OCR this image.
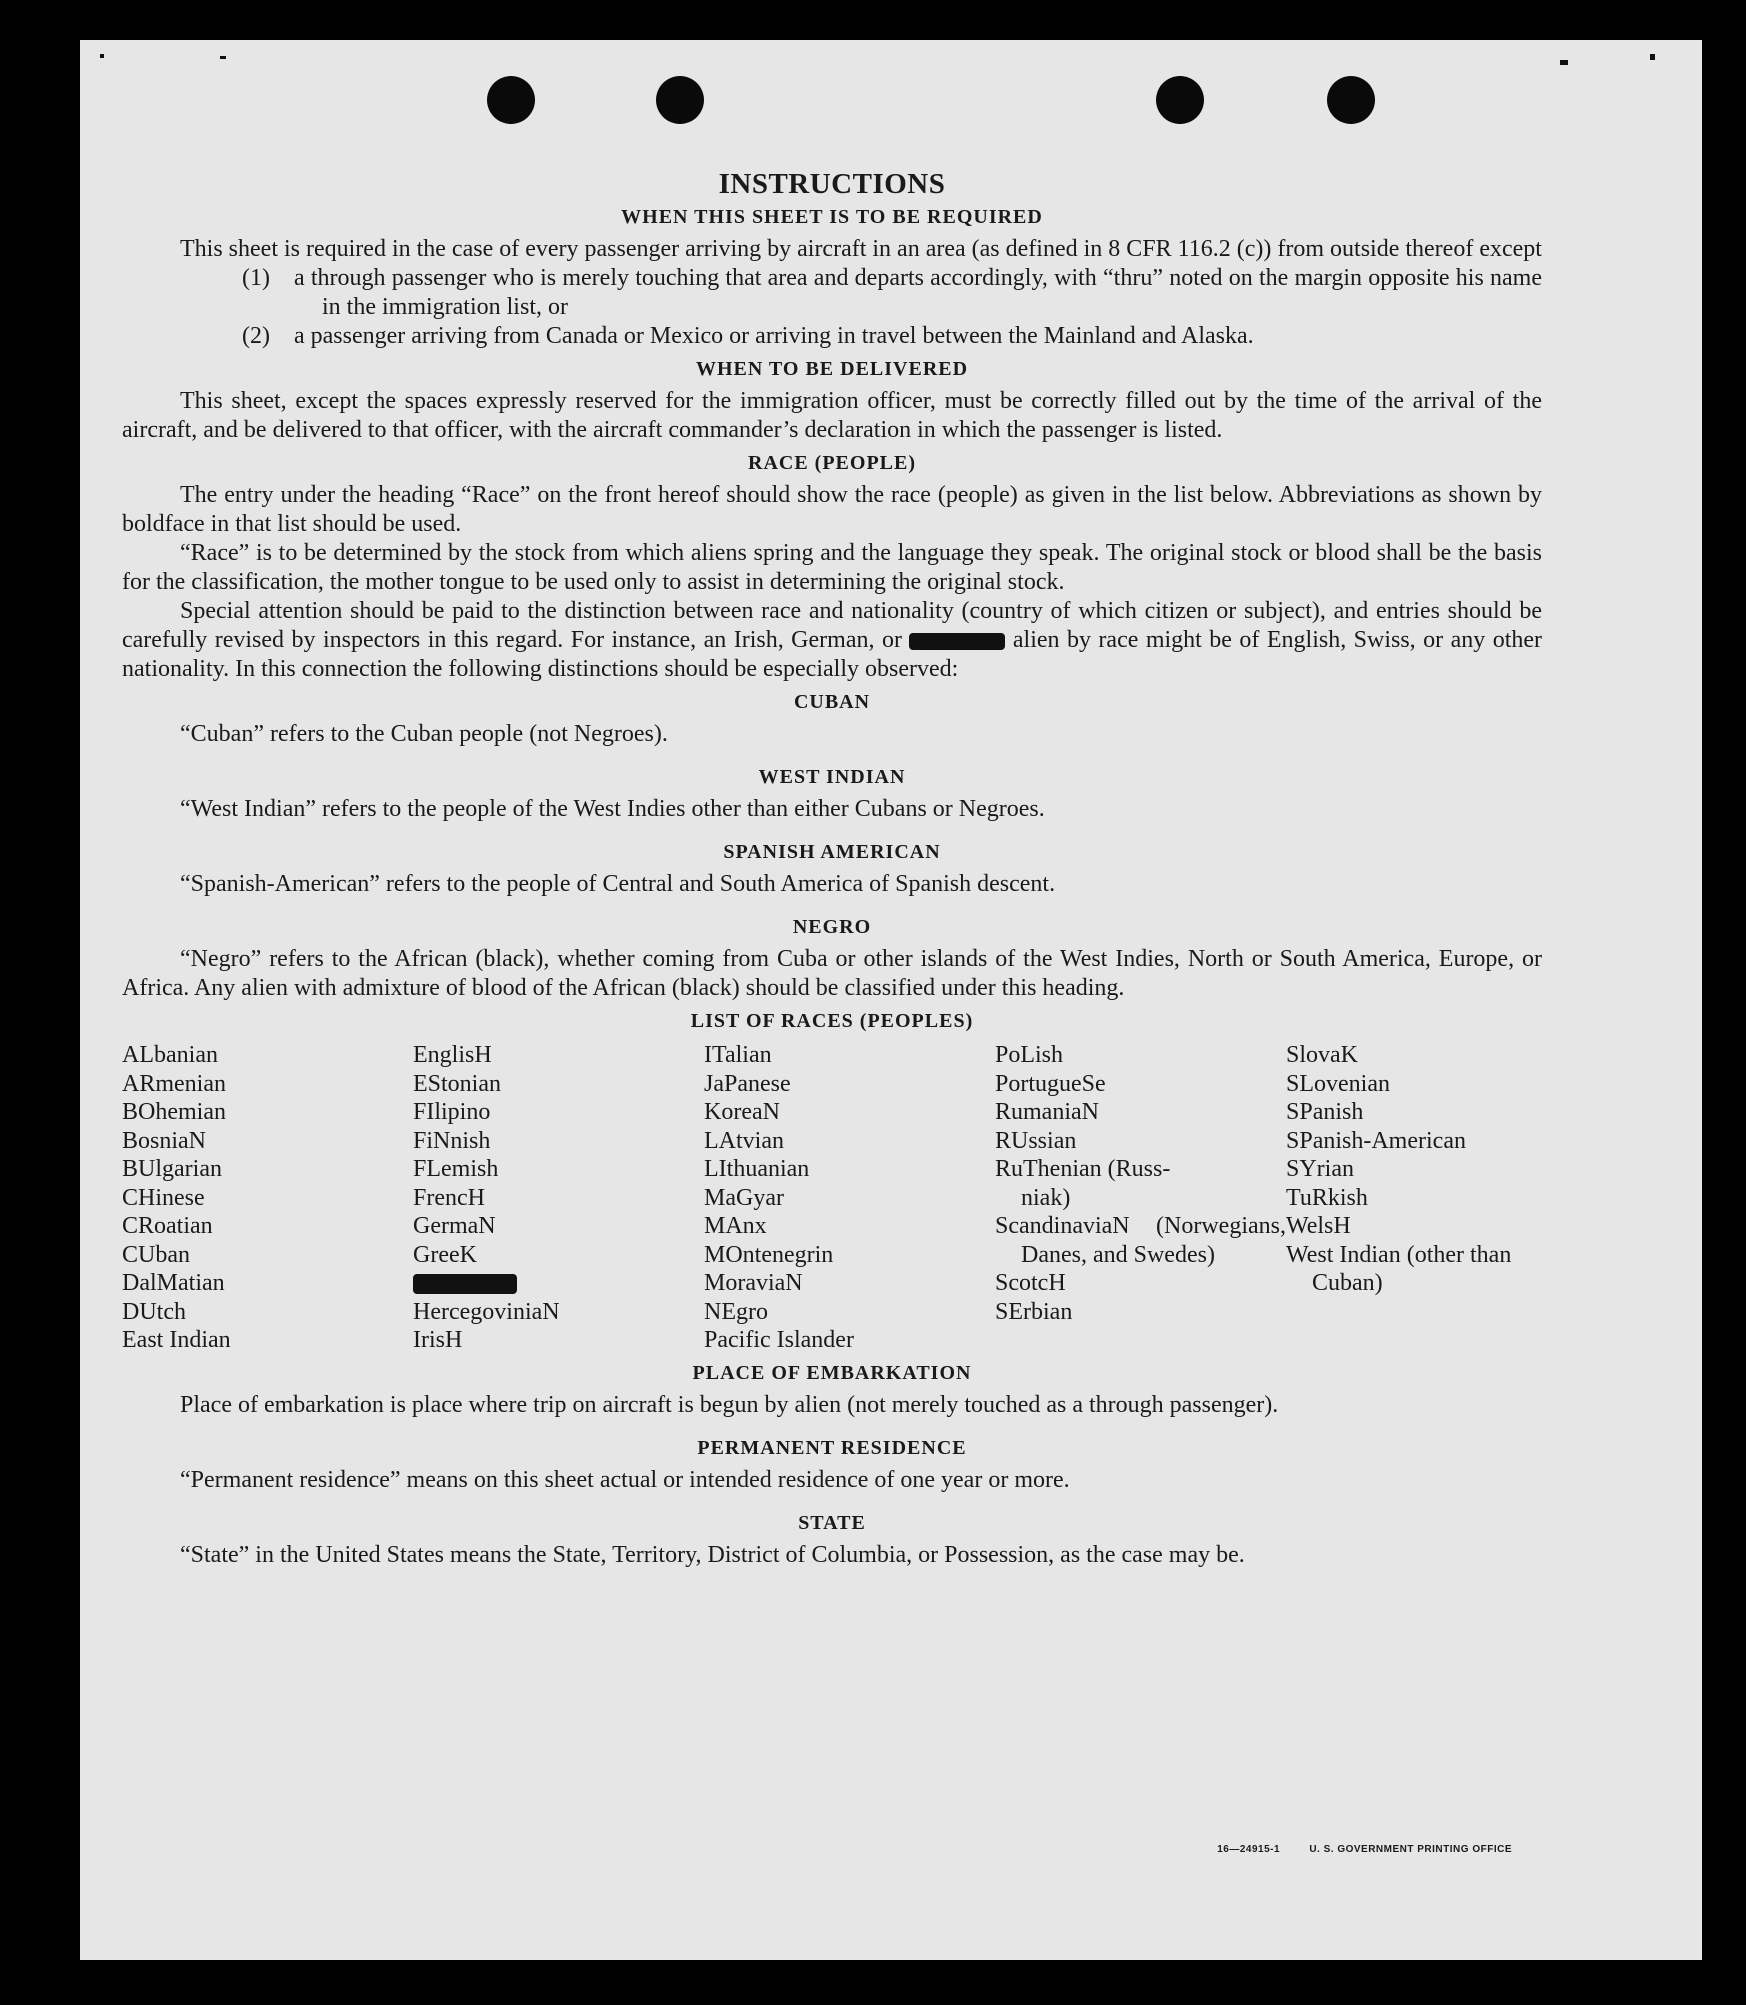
INSTRUCTIONS
WHEN THIS SHEET IS TO BE REQUIRED

This sheet is required in the case of every passenger arriving by aircraft in an area (as defined in 8 CFR 116.2 (c)) from outside thereof except

(1) a through passenger who is merely touching that area and departs accordingly, with “thru” noted on the margin opposite his name in the immigration list, or

(2) a passenger arriving from Canada or Mexico or arriving in travel between the Mainland and Alaska.

WHEN TO BE DELIVERED

This sheet, except the spaces expressly reserved for the immigration officer, must be correctly filled out by the time of the arrival of the aircraft, and be delivered to that officer, with the aircraft commander’s declaration in which the passenger is listed.

RACE (PEOPLE)

The entry under the heading “Race” on the front hereof should show the race (people) as given in the list below. Abbreviations as shown by boldface in that list should be used.

“Race” is to be determined by the stock from which aliens spring and the language they speak. The original stock or blood shall be the basis for the classification, the mother tongue to be used only to assist in determining the original stock.

Special attention should be paid to the distinction between race and nationality (country of which citizen or subject), and entries should be carefully revised by inspectors in this regard. For instance, an Irish, German, or	alien by race might be of English, Swiss, or any other nationality. In this connection the following distinctions should be especially observed:

CUBAN

“Cuban” refers to the Cuban people (not Negroes).

WEST INDIAN

“West Indian” refers to the people of the West Indies other than either Cubans or Negroes.

SPANISH AMERICAN

“Spanish-American” refers to the people of Central and South America of Spanish descent.

NEGRO

“Negro” refers to the African (black), whether coming from Cuba or other islands of the West Indies, North or South America, Europe, or Africa. Any alien with admixture of blood of the African (black) should be classified under this heading.

LIST OF RACES (PEOPLES)
ALbanian
ARmenian
BOhemian
BosniaN
BUlgarian
CHinese
CRoatian
CUban
DalMatian
DUtch
East Indian
EnglisH
EStonian
FIlipino
FiNnish
FLemish
FrencH
GermaN
GreeK
HercegoviniaN
IrisH
ITalian
JaPanese
KoreaN
LAtvian
LIthuanian
MaGyar
MAnx
MOntenegrin
MoraviaN
NEgro
Pacific Islander
PoLish
PortugueSe
RumaniaN
RUssian
RuThenian (Russ-
niak)
ScandinaviaN (Norwegians, Danes, and Swedes)
ScotcH
SErbian
SlovaK
SLovenian
SPanish
SPanish-American
SYrian
TuRkish
WelsH
West Indian (other than Cuban)
PLACE OF EMBARKATION

Place of embarkation is place where trip on aircraft is begun by alien (not merely touched as a through passenger).

PERMANENT RESIDENCE

“Permanent residence” means on this sheet actual or intended residence of one year or more.

STATE

“State” in the United States means the State, Territory, District of Columbia, or Possession, as the case may be.

16—24915-1	U. S. GOVERNMENT PRINTING OFFICE
